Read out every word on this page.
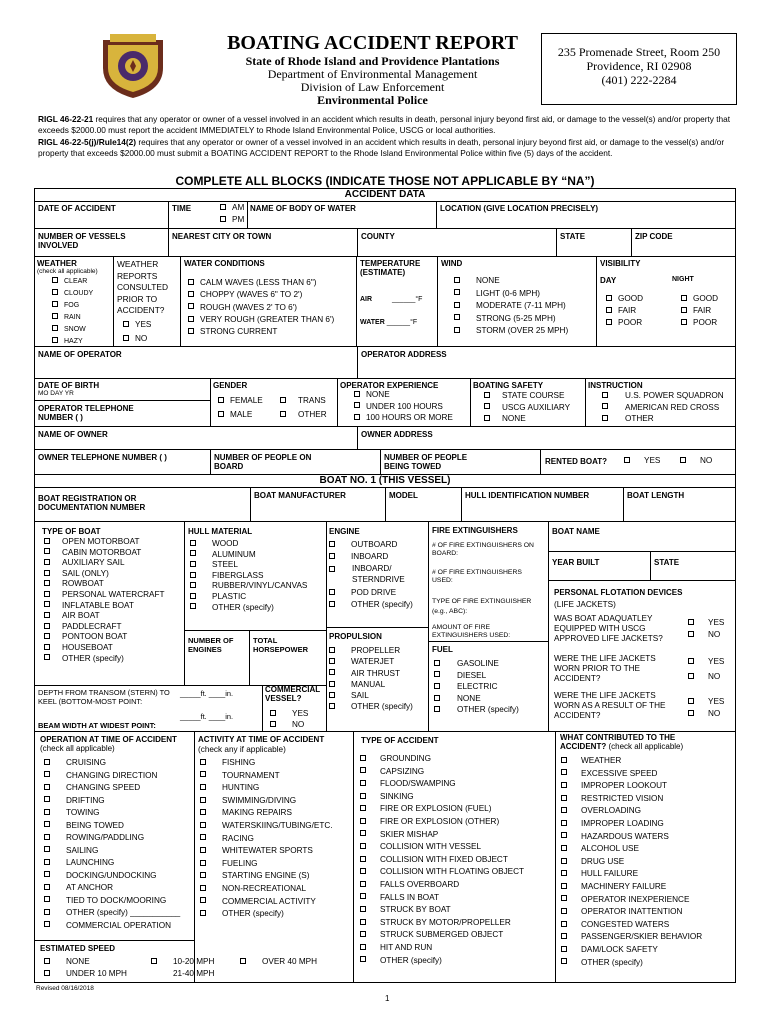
BOATING ACCIDENT REPORT
State of Rhode Island and Providence Plantations
Department of Environmental Management
Division of Law Enforcement
Environmental Police
235 Promenade Street, Room 250
Providence, RI 02908
(401) 222-2284
RIGL 46-22-21 requires that any operator or owner of a vessel involved in an accident which results in death, personal injury beyond first aid, or damage to the vessel(s) and/or property that exceeds $2000.00 must report the accident IMMEDIATELY to Rhode Island Environmental Police, USCG or local authorities.
RIGL 46-22-5(j)/Rule14(2) requires that any operator or owner of a vessel involved in an accident which results in death, personal injury beyond first aid, or damage to the vessel(s) and/or property that exceeds $2000.00 must submit a BOATING ACCIDENT REPORT to the Rhode Island Environmental Police within five (5) days of the accident.
COMPLETE ALL BLOCKS (INDICATE THOSE NOT APPLICABLE BY “NA”)
ACCIDENT DATA
DATE OF ACCIDENT	TIME	AM
PM
NAME OF BODY OF WATER	LOCATION (GIVE LOCATION PRECISELY)
NUMBER OF VESSELS INVOLVED
NEAREST CITY OR TOWN	COUNTY	STATE	ZIP CODE
WEATHER
(check all applicable)
CLEAR
CLOUDY
FOG
RAIN
SNOW
HAZY
WEATHER REPORTS CONSULTED PRIOR TO ACCIDENT?
YES
NO
WATER CONDITIONS
CALM WAVES (LESS THAN 6")
CHOPPY (WAVES 6" TO 2')
ROUGH (WAVES 2' TO 6')
VERY ROUGH (GREATER THAN 6')
STRONG CURRENT
TEMPERATURE (ESTIMATE)
AIR	______°F
WATER ______°F
WIND
NONE
LIGHT (0-6 MPH)
MODERATE (7-11 MPH)
STRONG (5-25 MPH)
STORM (OVER 25 MPH)
VISIBILITY
DAY	NIGHT
GOOD
FAIR
POOR
GOOD
FAIR
POOR
NAME OF OPERATOR	OPERATOR ADDRESS
DATE OF BIRTH
MO DAY YR
OPERATOR TELEPHONE NUMBER ( )
GENDER
FEMALE	TRANS
MALE	OTHER
OPERATOR EXPERIENCE
NONE
UNDER 100 HOURS
100 HOURS OR MORE
BOATING SAFETY
STATE COURSE
USCG AUXILIARY
NONE
INSTRUCTION
U.S. POWER SQUADRON
AMERICAN RED CROSS
OTHER
NAME OF OWNER	OWNER ADDRESS
OWNER TELEPHONE NUMBER ( )	NUMBER OF PEOPLE ON BOARD
NUMBER OF PEOPLE BEING TOWED
RENTED BOAT?	YES	NO
BOAT NO. 1 (THIS VESSEL)
BOAT REGISTRATION OR DOCUMENTATION NUMBER
BOAT MANUFACTURER	MODEL	HULL IDENTIFICATION NUMBER	BOAT LENGTH
TYPE OF BOAT
OPEN MOTORBOAT
CABIN MOTORBOAT
AUXILIARY SAIL
SAIL (ONLY)
ROWBOAT
PERSONAL WATERCRAFT
INFLATABLE BOAT
AIR BOAT
PADDLECRAFT
PONTOON BOAT
HOUSEBOAT
OTHER (specify)
HULL MATERIAL
WOOD
ALUMINUM
STEEL
FIBERGLASS
RUBBER/VINYL/CANVAS
PLASTIC
OTHER (specify)
NUMBER OF ENGINES
TOTAL HORSEPOWER
ENGINE
OUTBOARD
INBOARD
INBOARD/ STERNDRIVE
POD DRIVE
OTHER (specify)
PROPULSION
PROPELLER
WATERJET
AIR THRUST
MANUAL
SAIL
OTHER (specify)
FIRE EXTINGUISHERS
# OF FIRE EXTINGUISHERS ON BOARD:
# OF FIRE EXTINGUISHERS USED:
TYPE OF FIRE EXTINGUISHER (e.g., ABC):
AMOUNT OF FIRE EXTINGUISHERS USED:
FUEL
GASOLINE
DIESEL
ELECTRIC
NONE
OTHER (specify)
BOAT NAME
YEAR BUILT	STATE
PERSONAL FLOTATION DEVICES
(LIFE JACKETS)
WAS BOAT ADAQUATLEY EQUIPPED WITH USCG APPROVED LIFE JACKETS?
YES
NO
WERE THE LIFE JACKETS WORN PRIOR TO THE ACCIDENT?
YES
NO
WERE THE LIFE JACKETS WORN AS A RESULT OF THE ACCIDENT?
YES
NO
DEPTH FROM TRANSOM (STERN) TO KEEL (BOTTOM-MOST POINT:
_____ft. ____in.
BEAM WIDTH AT WIDEST POINT:
_____ft. ____in.
COMMERCIAL VESSEL?
YES
NO
OPERATION AT TIME OF ACCIDENT (check all applicable)
CRUISING
CHANGING DIRECTION
CHANGING SPEED
DRIFTING
TOWING
BEING TOWED
ROWING/PADDLING
SAILING
LAUNCHING
DOCKING/UNDOCKING
AT ANCHOR
TIED TO DOCK/MOORING
OTHER (specify) ___________
COMMERCIAL OPERATION
ACTIVITY AT TIME OF ACCIDENT
(check any if applicable)
FISHING
TOURNAMENT
HUNTING
SWIMMING/DIVING
MAKING REPAIRS
WATERSKIING/TUBING/ETC.
RACING
WHITEWATER SPORTS
FUELING
STARTING ENGINE (S)
NON-RECREATIONAL
COMMERCIAL ACTIVITY
OTHER (specify)
TYPE OF ACCIDENT
GROUNDING
CAPSIZING
FLOOD/SWAMPING
SINKING
FIRE OR EXPLOSION (FUEL)
FIRE OR EXPLOSION (OTHER)
SKIER MISHAP
COLLISION WITH VESSEL
COLLISION WITH FIXED OBJECT
COLLISION WITH FLOATING OBJECT
FALLS OVERBOARD
FALLS IN BOAT
STRUCK BY BOAT
STRUCK BY MOTOR/PROPELLER
STRUCK SUBMERGED OBJECT
HIT AND RUN
OTHER (specify)
WHAT CONTRIBUTED TO THE ACCIDENT? (check all applicable)
WEATHER
EXCESSIVE SPEED
IMPROPER LOOKOUT
RESTRICTED VISION
OVERLOADING
IMPROPER LOADING
HAZARDOUS WATERS
ALCOHOL USE
DRUG USE
HULL FAILURE
MACHINERY FAILURE
OPERATOR INEXPERIENCE
OPERATOR INATTENTION
CONGESTED WATERS
PASSENGER/SKIER BEHAVIOR
DAM/LOCK SAFETY
OTHER (specify)
ESTIMATED SPEED
NONE
UNDER 10 MPH
10-20 MPH
21-40 MPH
OVER 40 MPH
Revised 08/16/2018
1
